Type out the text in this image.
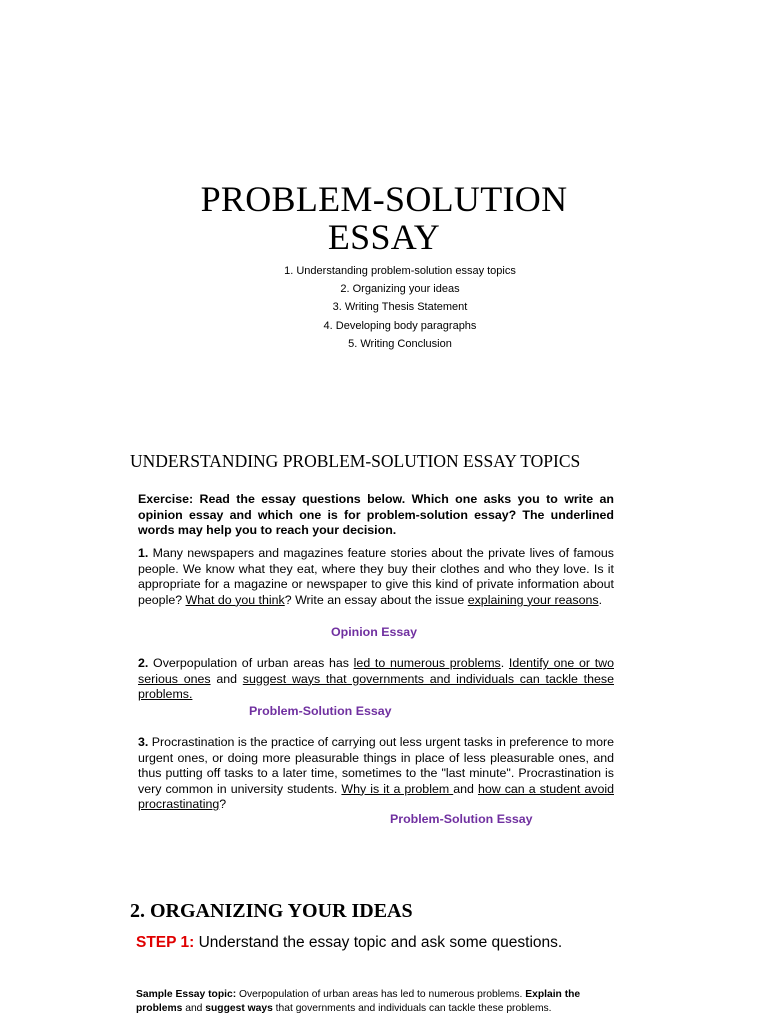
PROBLEM-SOLUTION
ESSAY
1. Understanding problem-solution essay topics
2. Organizing your ideas
3. Writing Thesis Statement
4. Developing body paragraphs
5. Writing Conclusion
UNDERSTANDING PROBLEM-SOLUTION ESSAY TOPICS
Exercise: Read the essay questions below. Which one asks you to write an opinion essay and which one is for problem-solution essay? The underlined words may help you to reach your decision.
1. Many newspapers and magazines feature stories about the private lives of famous people. We know what they eat, where they buy their clothes and who they love. Is it appropriate for a magazine or newspaper to give this kind of private information about people? What do you think? Write an essay about the issue explaining your reasons.
Opinion Essay
2. Overpopulation of urban areas has led to numerous problems. Identify one or two serious ones and suggest ways that governments and individuals can tackle these problems.
Problem-Solution Essay
3. Procrastination is the practice of carrying out less urgent tasks in preference to more urgent ones, or doing more pleasurable things in place of less pleasurable ones, and thus putting off tasks to a later time, sometimes to the "last minute". Procrastination is very common in university students. Why is it a problem and how can a student avoid procrastinating?
Problem-Solution Essay
2. ORGANIZING YOUR IDEAS
STEP 1: Understand the essay topic and ask some questions.
Sample Essay topic: Overpopulation of urban areas has led to numerous problems. Explain the problems and suggest ways that governments and individuals can tackle these problems.
